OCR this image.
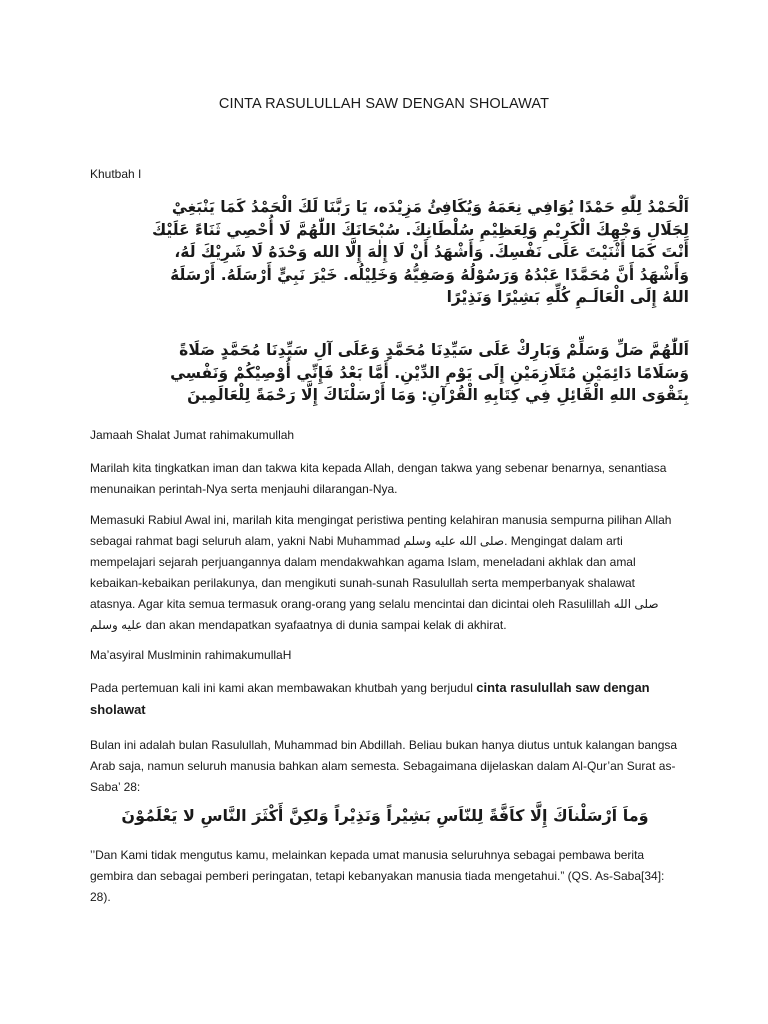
CINTA RASULULLAH SAW DENGAN SHOLAWAT
Khutbah I
اَلْحَمْدُ لِلّٰهِ حَمْدًا يُوَافِي نِعَمَهُ وَيُكَافِئُ مَزِيْدَه، يَا رَبَّنَا لَكَ الْحَمْدُ كَمَا يَنْبَغِيْ
لِجَلَالِ وَجْهِكَ الْكَرِيْمِ وَلِعَظِيْمِ سُلْطَانِكَ. سُبْحَانَكَ اللّٰهُمَّ لَا أُحْصِي ثَنَاءً عَلَيْكَ
أَنْتَ كَمَا أَثْنَيْتَ عَلَى نَفْسِكَ. وَأَشْهَدُ أَنْ لَا إِلٰهَ إِلَّا الله وَحْدَهُ لَا شَرِيْكَ لَهُ،
وَأَشْهَدُ أَنَّ مُحَمَّدًا عَبْدُهُ وَرَسُوْلُهُ وَصَفِيُّهُ وَخَلِيْلُه. خَيْرَ نَبِيٍّ أَرْسَلَهُ. أَرْسَلَهُ
اللهُ إِلَى الْعَالَـمِ كُلِّهِ بَشِيْرًا وَنَذِيْرًا
اَللّٰهُمَّ صَلِّ وَسَلِّمْ وَبَارِكْ عَلَى سَيِّدِنَا مُحَمَّدٍ وَعَلَى آلِ سَيِّدِنَا مُحَمَّدٍ صَلَاةً
وَسَلَامًا دَائِمَيْنِ مُتَلَازِمَيْنِ إِلَى يَوْمِ الدِّيْنِ. أَمَّا بَعْدُ فَإِنِّي أُوْصِيْكُمْ وَنَفْسِي
بِتَقْوَى اللهِ الْقَائِلِ فِي كِتَابِهِ الْقُرْآنِ: وَمَا أَرْسَلْنَاكَ إِلَّا رَحْمَةً لِلْعَالَمِينَ
Jamaah Shalat Jumat rahimakumullah

Marilah kita tingkatkan iman dan takwa kita kepada Allah, dengan takwa yang sebenar benarnya, senantiasa menunaikan perintah-Nya serta menjauhi dilarangan-Nya.

Memasuki Rabiul Awal ini, marilah kita mengingat peristiwa penting kelahiran manusia sempurna pilihan Allah sebagai rahmat bagi seluruh alam, yakni Nabi Muhammad صلى الله عليه وسلم. Mengingat dalam arti mempelajari sejarah perjuangannya dalam mendakwahkan agama Islam, meneladani akhlak dan amal kebaikan-kebaikan perilakunya, dan mengikuti sunah-sunah Rasulullah serta memperbanyak shalawat atasnya. Agar kita semua termasuk orang-orang yang selalu mencintai dan dicintai oleh Rasulillah صلى الله عليه وسلم dan akan mendapatkan syafaatnya di dunia sampai kelak di akhirat.

Ma’asyiral Muslminin rahimakumullaH

Pada pertemuan kali ini kami akan membawakan khutbah yang berjudul cinta rasulullah saw dengan sholawat

Bulan ini adalah bulan Rasulullah, Muhammad bin Abdillah. Beliau bukan hanya diutus untuk kalangan bangsa Arab saja, namun seluruh manusia bahkan alam semesta. Sebagaimana dijelaskan dalam Al-Qur’an Surat as-Saba’ 28:

وَماَ اَرْسَلْناَكَ إِلَّا كاَفَّةً لِلنّاَسِ بَشِيْراً وَنَذِيْراً وَلكِنَّ أَكْثَرَ النَّاسِ لا يَعْلَمُوْنَ

’’Dan Kami tidak mengutus kamu, melainkan kepada umat manusia seluruhnya sebagai pembawa berita gembira dan sebagai pemberi peringatan, tetapi kebanyakan manusia tiada mengetahui.” (QS. As-Saba[34]: 28).
